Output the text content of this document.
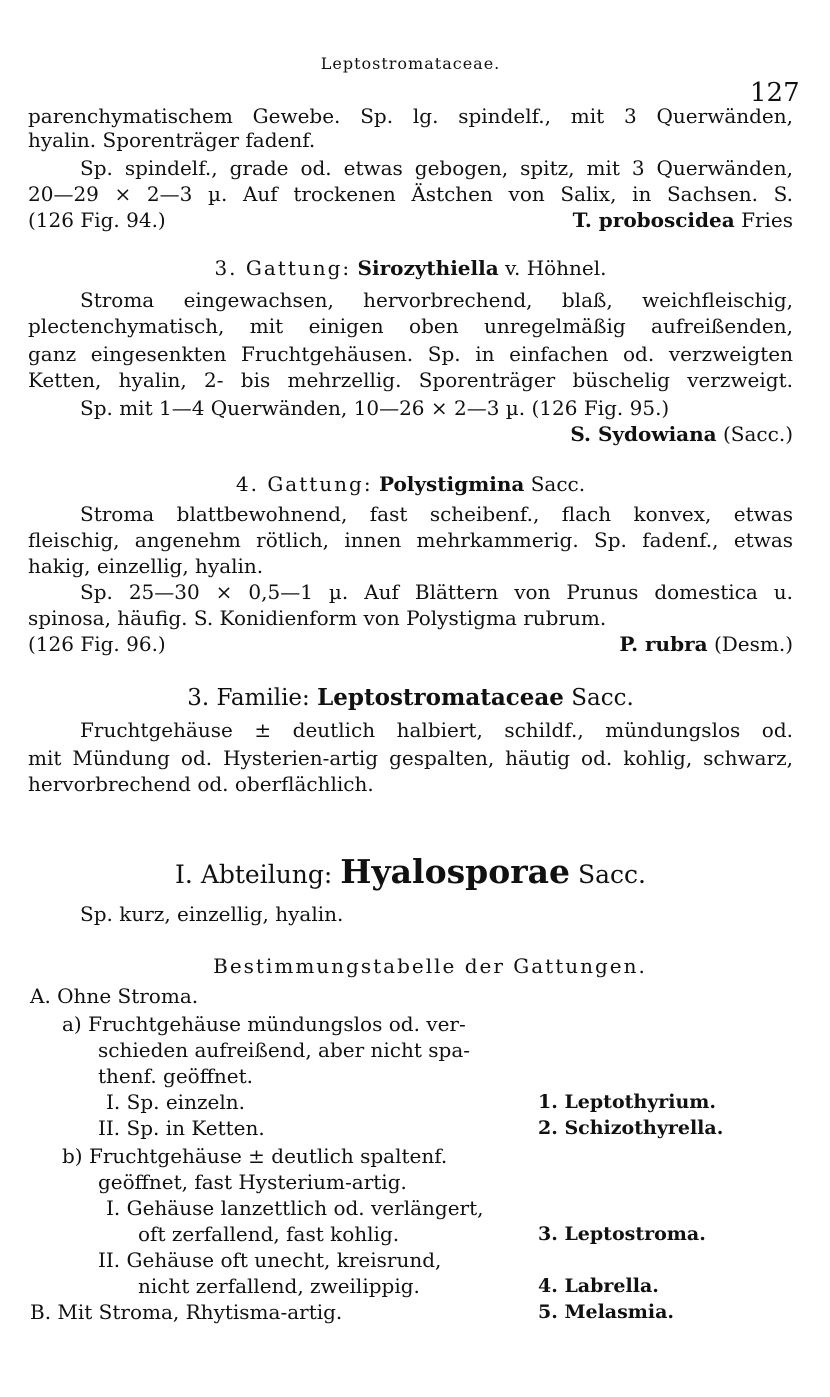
Leptostromataceae.
127
parenchymatischem Gewebe. Sp. lg. spindelf., mit 3 Querwänden,
hyalin. Sporenträger fadenf.
Sp. spindelf., grade od. etwas gebogen, spitz, mit 3 Querwänden,
20—29 × 2—3 µ. Auf trockenen Ästchen von Salix, in Sachsen. S.
(126 Fig. 94.)	T. proboscidea Fries
3. Gattung: Sirozythiella v. Höhnel.
Stroma eingewachsen, hervorbrechend, blaß, weichfleischig,
plectenchymatisch, mit einigen oben unregelmäßig aufreißenden,
ganz eingesenkten Fruchtgehäusen. Sp. in einfachen od. verzweigten
Ketten, hyalin, 2- bis mehrzellig. Sporenträger büschelig verzweigt.
Sp. mit 1—4 Querwänden, 10—26 × 2—3 µ. (126 Fig. 95.)
S. Sydowiana (Sacc.)
4. Gattung: Polystigmina Sacc.
Stroma blattbewohnend, fast scheibenf., flach konvex, etwas
fleischig, angenehm rötlich, innen mehrkammerig. Sp. fadenf., etwas
hakig, einzellig, hyalin.
Sp. 25—30 × 0,5—1 µ. Auf Blättern von Prunus domestica u.
spinosa, häufig. S. Konidienform von Polystigma rubrum.
(126 Fig. 96.)	P. rubra (Desm.)
3. Familie: Leptostromataceae Sacc.
Fruchtgehäuse ± deutlich halbiert, schildf., mündungslos od.
mit Mündung od. Hysterien-artig gespalten, häutig od. kohlig, schwarz,
hervorbrechend od. oberflächlich.
I. Abteilung: Hyalosporae Sacc.
Sp. kurz, einzellig, hyalin.
Bestimmungstabelle der Gattungen.
A. Ohne Stroma.
a) Fruchtgehäuse mündungslos od. ver-
schieden aufreißend, aber nicht spa-
thenf. geöffnet.
I. Sp. einzeln.	1. Leptothyrium.
II. Sp. in Ketten.	2. Schizothyrella.
b) Fruchtgehäuse ± deutlich spaltenf.
geöffnet, fast Hysterium-artig.
I. Gehäuse lanzettlich od. verlängert,
oft zerfallend, fast kohlig.	3. Leptostroma.
II. Gehäuse oft unecht, kreisrund,
nicht zerfallend, zweilippig.	4. Labrella.
B. Mit Stroma, Rhytisma-artig.	5. Melasmia.
